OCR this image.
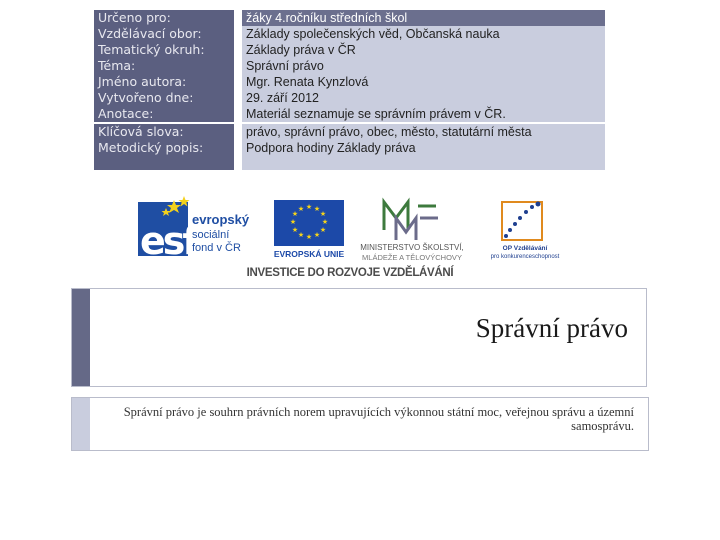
Určeno pro:	žáky 4.ročníku středních škol
Vzdělávací obor:	Základy společenských věd, Občanská nauka
Tematický okruh:	Základy práva v ČR
Téma:	Správní právo
Jméno autora:	Mgr. Renata Kynzlová
Vytvořeno dne:	29. září 2012
Anotace:	Materiál seznamuje se správním právem v ČR.
Klíčová slova:	právo, správní právo, obec, město, statutární města
Metodický popis:	Podpora hodiny Základy práva

esf
evropský
sociální
fond v ČR
★ ★
★
★
★
★
★
★
★
★
★
★
EVROPSKÁ UNIE
MINISTERSTVO ŠKOLSTVÍ,
MLÁDEŽE A TĚLOVÝCHOVY
OP Vzdělávání
pro konkurenceschopnost
INVESTICE DO ROZVOJE VZDĚLÁVÁNÍ
Správní právo
Správní právo je souhrn právních norem upravujících výkonnou státní moc, veřejnou správu a územní samosprávu.
